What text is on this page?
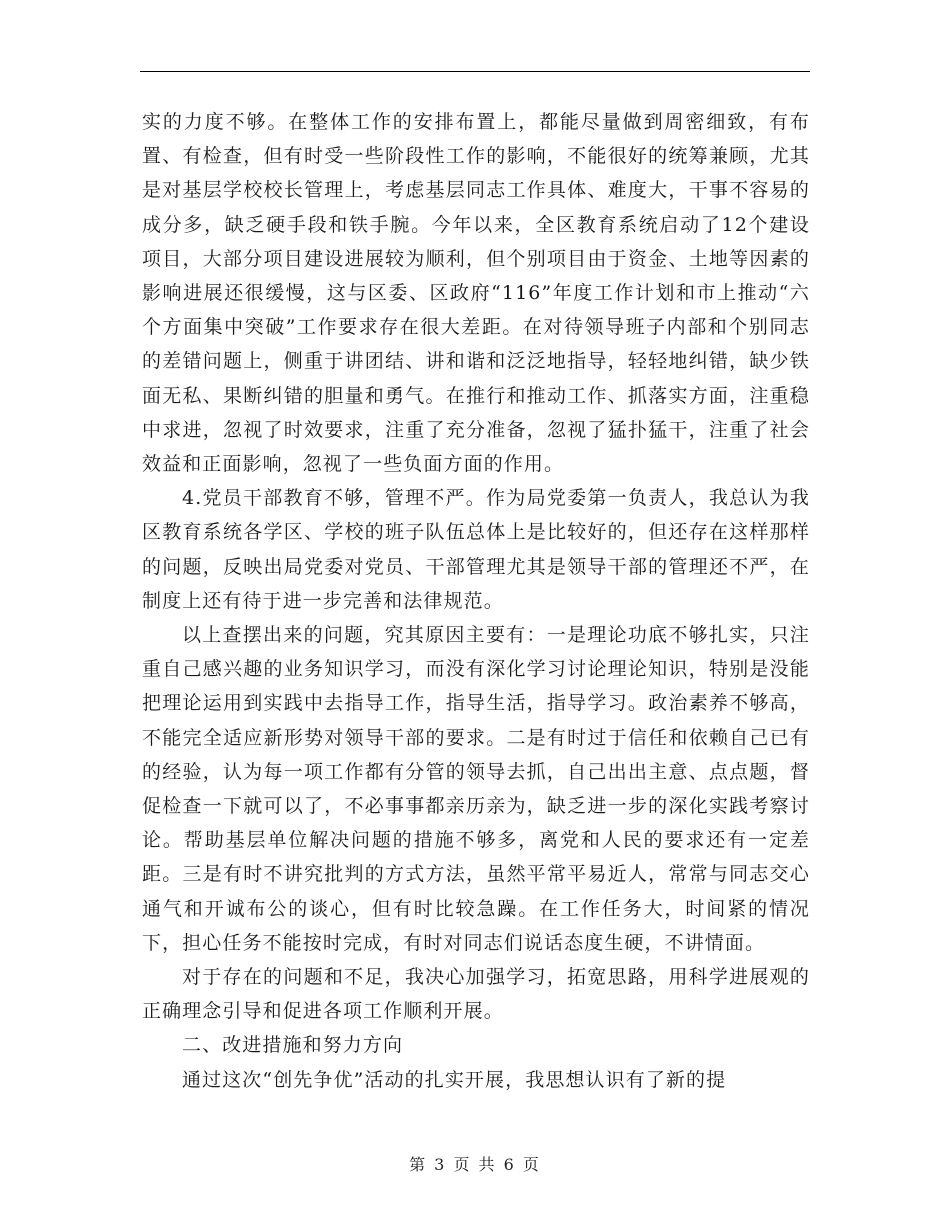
实的力度不够。在整体工作的安排布置上，都能尽量做到周密细致，有布置、有检查，但有时受一些阶段性工作的影响，不能很好的统筹兼顾，尤其是对基层学校校长管理上，考虑基层同志工作具体、难度大，干事不容易的成分多，缺乏硬手段和铁手腕。今年以来，全区教育系统启动了12个建设项目，大部分项目建设进展较为顺利，但个别项目由于资金、土地等因素的影响进展还很缓慢，这与区委、区政府“116”年度工作计划和市上推动“六个方面集中突破”工作要求存在很大差距。在对待领导班子内部和个别同志的差错问题上，侧重于讲团结、讲和谐和泛泛地指导，轻轻地纠错，缺少铁面无私、果断纠错的胆量和勇气。在推行和推动工作、抓落实方面，注重稳中求进，忽视了时效要求，注重了充分准备，忽视了猛扑猛干，注重了社会效益和正面影响，忽视了一些负面方面的作用。

4.党员干部教育不够，管理不严。作为局党委第一负责人，我总认为我区教育系统各学区、学校的班子队伍总体上是比较好的，但还存在这样那样的问题，反映出局党委对党员、干部管理尤其是领导干部的管理还不严，在制度上还有待于进一步完善和法律规范。

以上查摆出来的问题，究其原因主要有：一是理论功底不够扎实，只注重自己感兴趣的业务知识学习，而没有深化学习讨论理论知识，特别是没能把理论运用到实践中去指导工作，指导生活，指导学习。政治素养不够高，不能完全适应新形势对领导干部的要求。二是有时过于信任和依赖自己已有的经验，认为每一项工作都有分管的领导去抓，自己出出主意、点点题，督促检查一下就可以了，不必事事都亲历亲为，缺乏进一步的深化实践考察讨论。帮助基层单位解决问题的措施不够多，离党和人民的要求还有一定差距。三是有时不讲究批判的方式方法，虽然平常平易近人，常常与同志交心通气和开诚布公的谈心，但有时比较急躁。在工作任务大，时间紧的情况下，担心任务不能按时完成，有时对同志们说话态度生硬，不讲情面。

对于存在的问题和不足，我决心加强学习，拓宽思路，用科学进展观的正确理念引导和促进各项工作顺利开展。

二、改进措施和努力方向

通过这次“创先争优”活动的扎实开展，我思想认识有了新的提

第 3 页 共 6 页
